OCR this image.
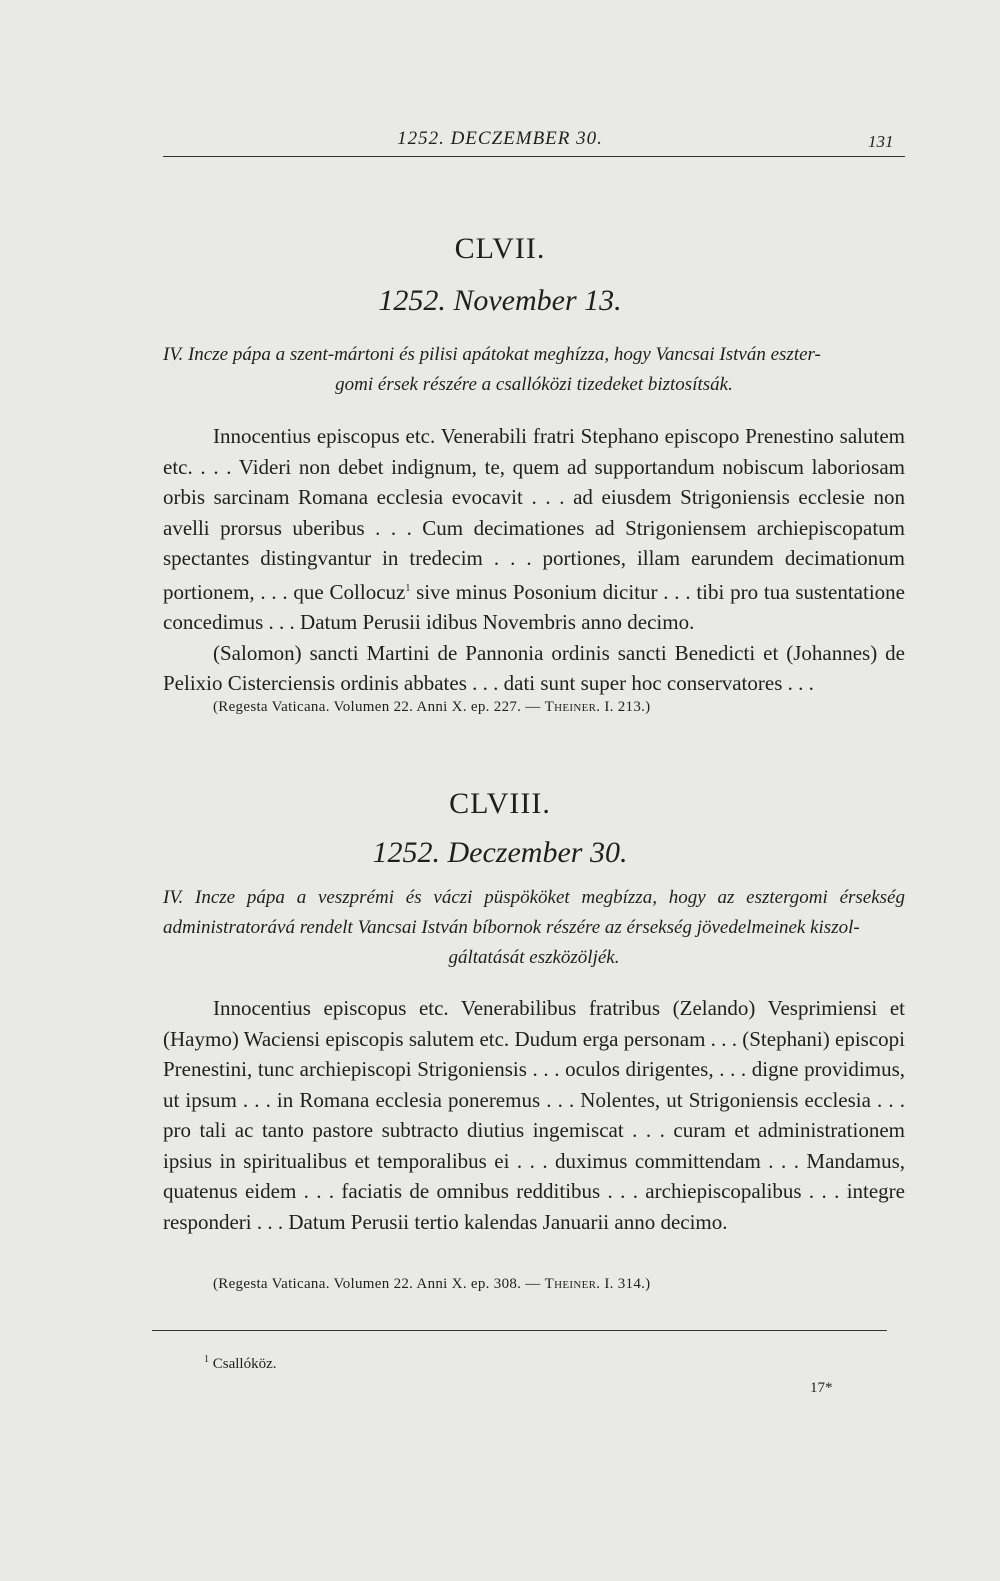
1252. DECZEMBER 30.	131
CLVII.
1252. November 13.
IV. Incze pápa a szent-mártoni és pilisi apátokat meghízza, hogy Vancsai István eszter-
gomi érsek részére a csallóközi tizedeket biztosítsák.

Innocentius episcopus etc. Venerabili fratri Stephano episcopo Prenestino salutem etc. . . . Videri non debet indignum, te, quem ad supportandum nobiscum laboriosam orbis sarcinam Romana ecclesia evocavit . . . ad eiusdem Strigoniensis ecclesie non avelli prorsus uberibus . . . Cum decimationes ad Strigoniensem archiepiscopatum spectantes distingvantur in tredecim . . . portiones, illam earundem decimationum portionem, . . . que Collocuz$^1$ sive minus Posonium dicitur . . . tibi pro tua sustentatione concedimus . . . Datum Perusii idibus Novembris anno decimo.

(Salomon) sancti Martini de Pannonia ordinis sancti Benedicti et (Johannes) de Pelixio Cisterciensis ordinis abbates . . . dati sunt super hoc conservatores . . .

(Regesta Vaticana. Volumen 22. Anni X. ep. 227. — Theiner. I. 213.)
CLVIII.
1252. Deczember 30.
IV. Incze pápa a veszprémi és váczi püspököket megbízza, hogy az esztergomi érsekség administratorává rendelt Vancsai István bíbornok részére az érsekség jövedelmeinek kiszol-
gáltatását eszközöljék.

Innocentius episcopus etc. Venerabilibus fratribus (Zelando) Vesprimiensi et (Haymo) Waciensi episcopis salutem etc. Dudum erga personam . . . (Stephani) episcopi Prenestini, tunc archiepiscopi Strigoniensis . . . oculos dirigentes, . . . digne providimus, ut ipsum . . . in Romana ecclesia poneremus . . . Nolentes, ut Strigoniensis ecclesia . . . pro tali ac tanto pastore subtracto diutius ingemiscat . . . curam et administrationem ipsius in spiritualibus et temporalibus ei . . . duximus committendam . . . Mandamus, quatenus eidem . . . faciatis de omnibus redditibus . . . archiepiscopalibus . . . integre responderi . . . Datum Perusii tertio kalendas Januarii anno decimo.

(Regesta Vaticana. Volumen 22. Anni X. ep. 308. — Theiner. I. 314.)
$^1$ Csallóköz.
17*
